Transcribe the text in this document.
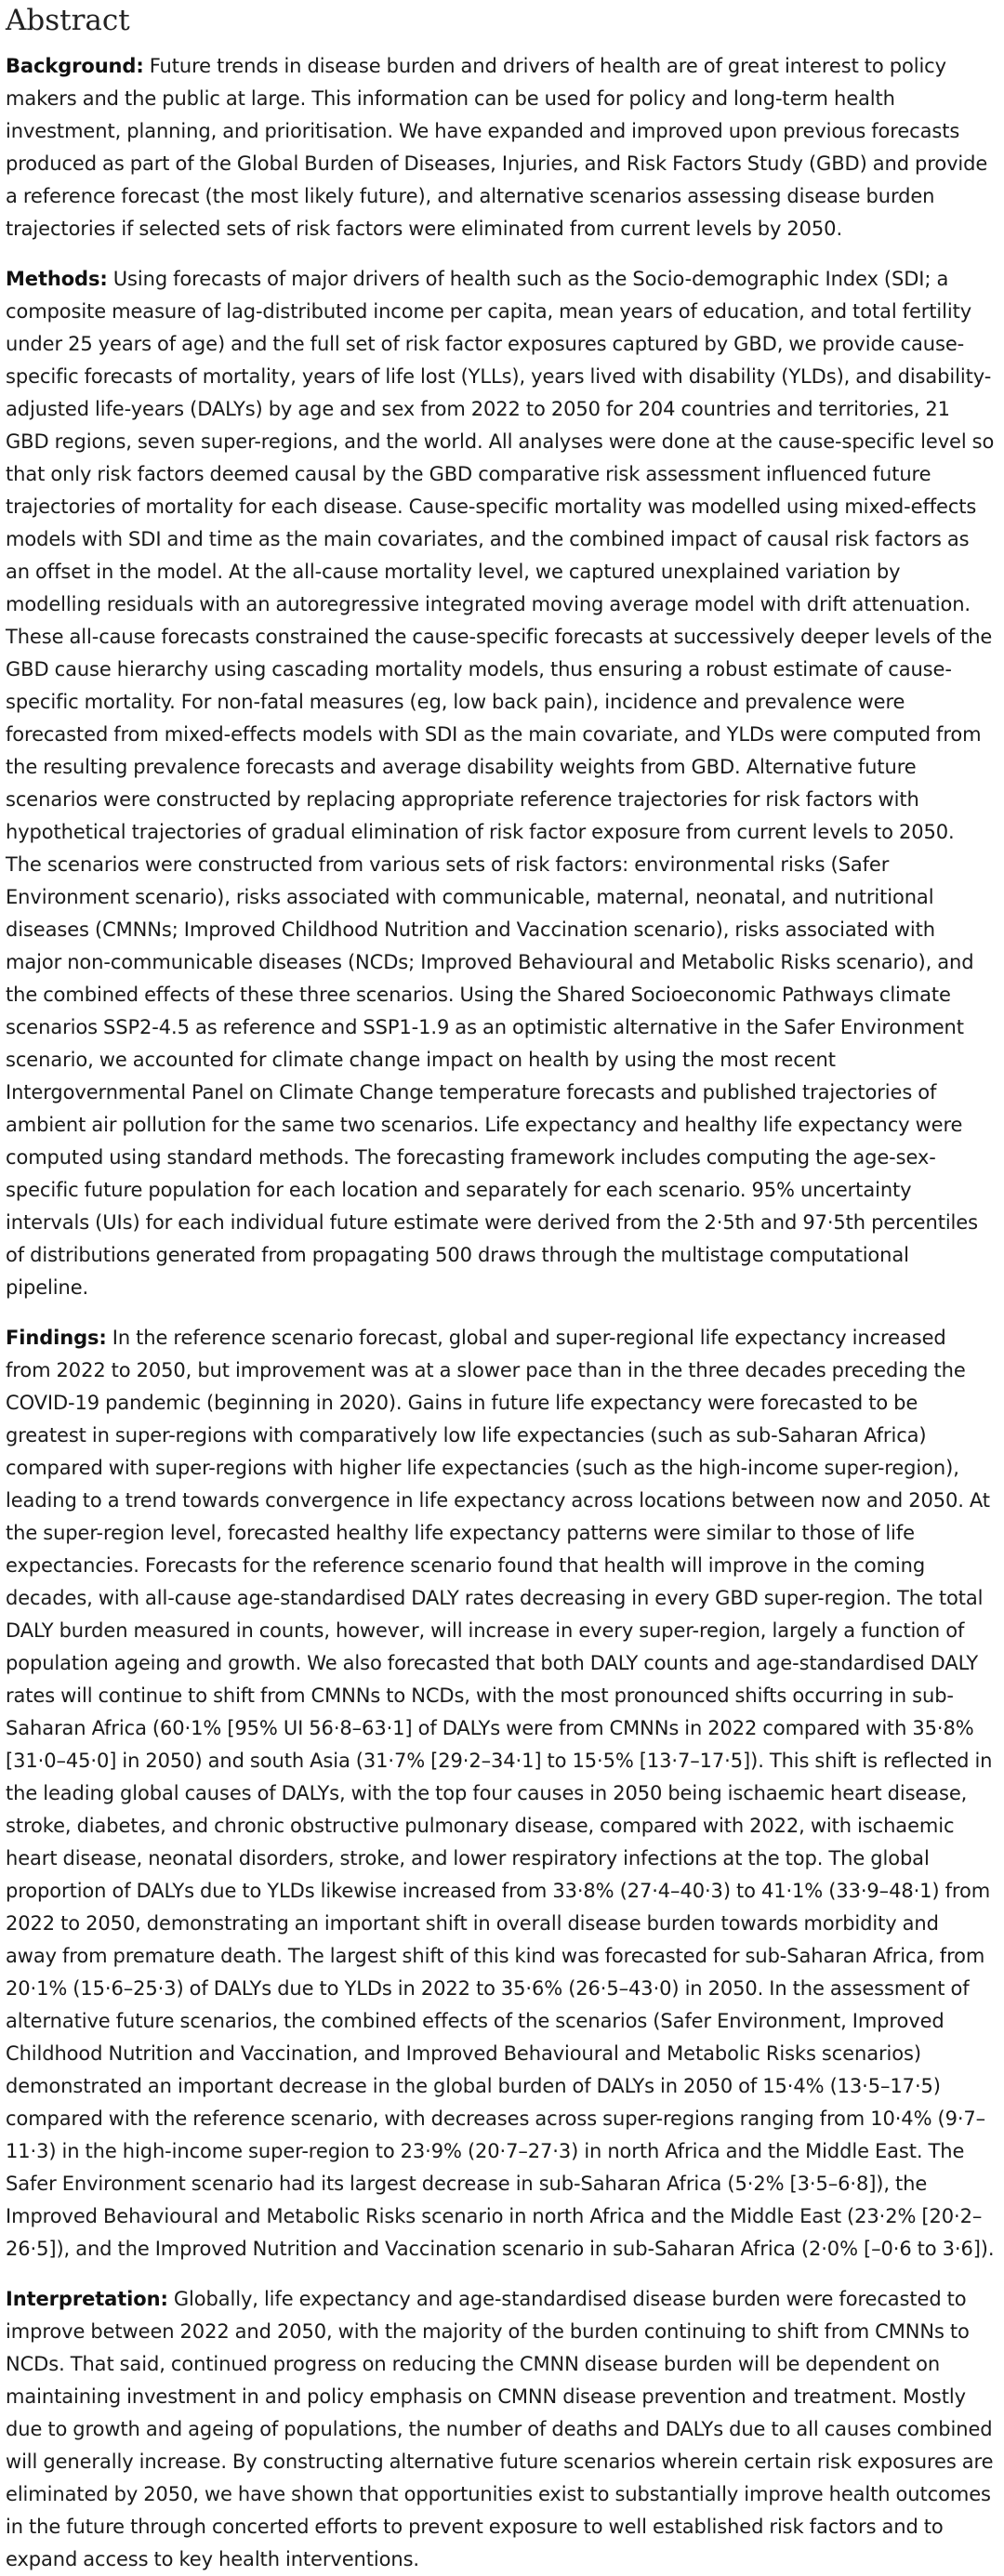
Abstract

Background: Future trends in disease burden and drivers of health are of great interest to policy makers and the public at large. This information can be used for policy and long-term health investment, planning, and prioritisation. We have expanded and improved upon previous forecasts produced as part of the Global Burden of Diseases, Injuries, and Risk Factors Study (GBD) and provide a reference forecast (the most likely future), and alternative scenarios assessing disease burden trajectories if selected sets of risk factors were eliminated from current levels by 2050.

Methods: Using forecasts of major drivers of health such as the Socio-demographic Index (SDI; a composite measure of lag-distributed income per capita, mean years of education, and total fertility under 25 years of age) and the full set of risk factor exposures captured by GBD, we provide cause-specific forecasts of mortality, years of life lost (YLLs), years lived with disability (YLDs), and disability-adjusted life-years (DALYs) by age and sex from 2022 to 2050 for 204 countries and territories, 21 GBD regions, seven super-regions, and the world. All analyses were done at the cause-specific level so that only risk factors deemed causal by the GBD comparative risk assessment influenced future trajectories of mortality for each disease. Cause-specific mortality was modelled using mixed-effects models with SDI and time as the main covariates, and the combined impact of causal risk factors as an offset in the model. At the all-cause mortality level, we captured unexplained variation by modelling residuals with an autoregressive integrated moving average model with drift attenuation. These all-cause forecasts constrained the cause-specific forecasts at successively deeper levels of the GBD cause hierarchy using cascading mortality models, thus ensuring a robust estimate of cause-specific mortality. For non-fatal measures (eg, low back pain), incidence and prevalence were forecasted from mixed-effects models with SDI as the main covariate, and YLDs were computed from the resulting prevalence forecasts and average disability weights from GBD. Alternative future scenarios were constructed by replacing appropriate reference trajectories for risk factors with hypothetical trajectories of gradual elimination of risk factor exposure from current levels to 2050. The scenarios were constructed from various sets of risk factors: environmental risks (Safer Environment scenario), risks associated with communicable, maternal, neonatal, and nutritional diseases (CMNNs; Improved Childhood Nutrition and Vaccination scenario), risks associated with major non-communicable diseases (NCDs; Improved Behavioural and Metabolic Risks scenario), and the combined effects of these three scenarios. Using the Shared Socioeconomic Pathways climate scenarios SSP2-4.5 as reference and SSP1-1.9 as an optimistic alternative in the Safer Environment scenario, we accounted for climate change impact on health by using the most recent Intergovernmental Panel on Climate Change temperature forecasts and published trajectories of ambient air pollution for the same two scenarios. Life expectancy and healthy life expectancy were computed using standard methods. The forecasting framework includes computing the age-sex-specific future population for each location and separately for each scenario. 95% uncertainty intervals (UIs) for each individual future estimate were derived from the 2·5th and 97·5th percentiles of distributions generated from propagating 500 draws through the multistage computational pipeline.

Findings: In the reference scenario forecast, global and super-regional life expectancy increased from 2022 to 2050, but improvement was at a slower pace than in the three decades preceding the COVID-19 pandemic (beginning in 2020). Gains in future life expectancy were forecasted to be greatest in super-regions with comparatively low life expectancies (such as sub-Saharan Africa) compared with super-regions with higher life expectancies (such as the high-income super-region), leading to a trend towards convergence in life expectancy across locations between now and 2050. At the super-region level, forecasted healthy life expectancy patterns were similar to those of life expectancies. Forecasts for the reference scenario found that health will improve in the coming decades, with all-cause age-standardised DALY rates decreasing in every GBD super-region. The total DALY burden measured in counts, however, will increase in every super-region, largely a function of population ageing and growth. We also forecasted that both DALY counts and age-standardised DALY rates will continue to shift from CMNNs to NCDs, with the most pronounced shifts occurring in sub-Saharan Africa (60·1% [95% UI 56·8–63·1] of DALYs were from CMNNs in 2022 compared with 35·8% [31·0–45·0] in 2050) and south Asia (31·7% [29·2–34·1] to 15·5% [13·7–17·5]). This shift is reflected in the leading global causes of DALYs, with the top four causes in 2050 being ischaemic heart disease, stroke, diabetes, and chronic obstructive pulmonary disease, compared with 2022, with ischaemic heart disease, neonatal disorders, stroke, and lower respiratory infections at the top. The global proportion of DALYs due to YLDs likewise increased from 33·8% (27·4–40·3) to 41·1% (33·9–48·1) from 2022 to 2050, demonstrating an important shift in overall disease burden towards morbidity and away from premature death. The largest shift of this kind was forecasted for sub-Saharan Africa, from 20·1% (15·6–25·3) of DALYs due to YLDs in 2022 to 35·6% (26·5–43·0) in 2050. In the assessment of alternative future scenarios, the combined effects of the scenarios (Safer Environment, Improved Childhood Nutrition and Vaccination, and Improved Behavioural and Metabolic Risks scenarios) demonstrated an important decrease in the global burden of DALYs in 2050 of 15·4% (13·5–17·5) compared with the reference scenario, with decreases across super-regions ranging from 10·4% (9·7–11·3) in the high-income super-region to 23·9% (20·7–27·3) in north Africa and the Middle East. The Safer Environment scenario had its largest decrease in sub-Saharan Africa (5·2% [3·5–6·8]), the Improved Behavioural and Metabolic Risks scenario in north Africa and the Middle East (23·2% [20·2–26·5]), and the Improved Nutrition and Vaccination scenario in sub-Saharan Africa (2·0% [–0·6 to 3·6]).

Interpretation: Globally, life expectancy and age-standardised disease burden were forecasted to improve between 2022 and 2050, with the majority of the burden continuing to shift from CMNNs to NCDs. That said, continued progress on reducing the CMNN disease burden will be dependent on maintaining investment in and policy emphasis on CMNN disease prevention and treatment. Mostly due to growth and ageing of populations, the number of deaths and DALYs due to all causes combined will generally increase. By constructing alternative future scenarios wherein certain risk exposures are eliminated by 2050, we have shown that opportunities exist to substantially improve health outcomes in the future through concerted efforts to prevent exposure to well established risk factors and to expand access to key health interventions.
